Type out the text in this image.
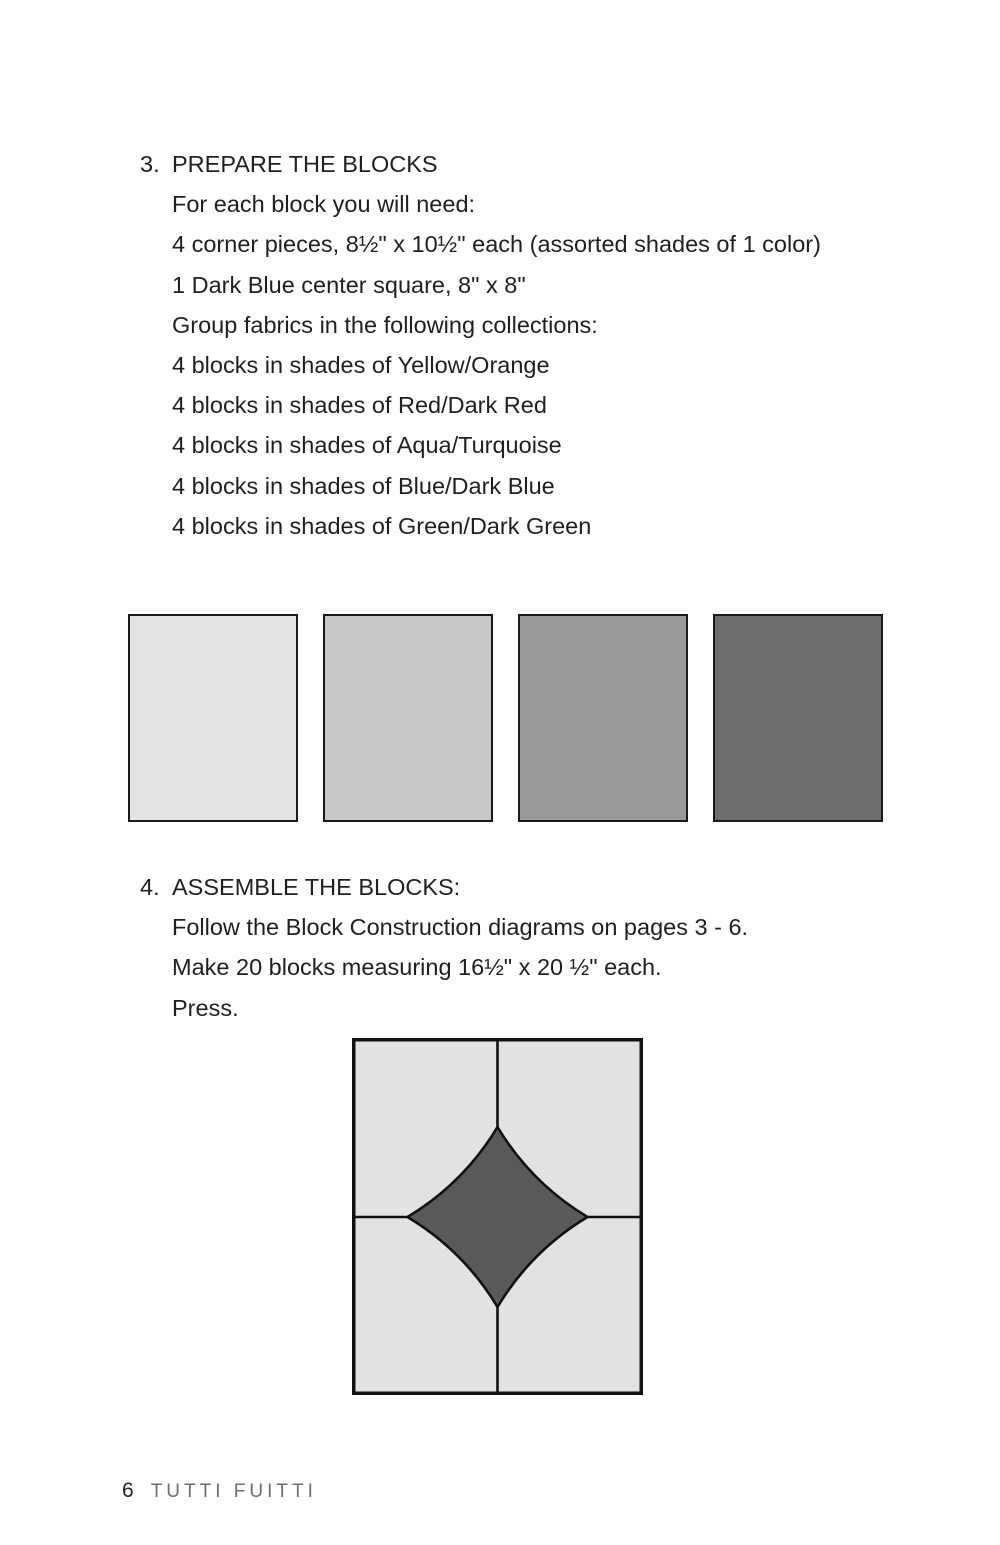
3. PREPARE THE BLOCKS
For each block you will need:
4 corner pieces, 8½" x 10½" each (assorted shades of 1 color)
1 Dark Blue center square, 8" x 8"
Group fabrics in the following collections:
4 blocks in shades of Yellow/Orange
4 blocks in shades of Red/Dark Red
4 blocks in shades of Aqua/Turquoise
4 blocks in shades of Blue/Dark Blue
4 blocks in shades of Green/Dark Green
4. ASSEMBLE THE BLOCKS:
Follow the Block Construction diagrams on pages 3 - 6.
Make 20 blocks measuring 16½" x 20 ½" each.
Press.
6 TUTTI FUITTI
